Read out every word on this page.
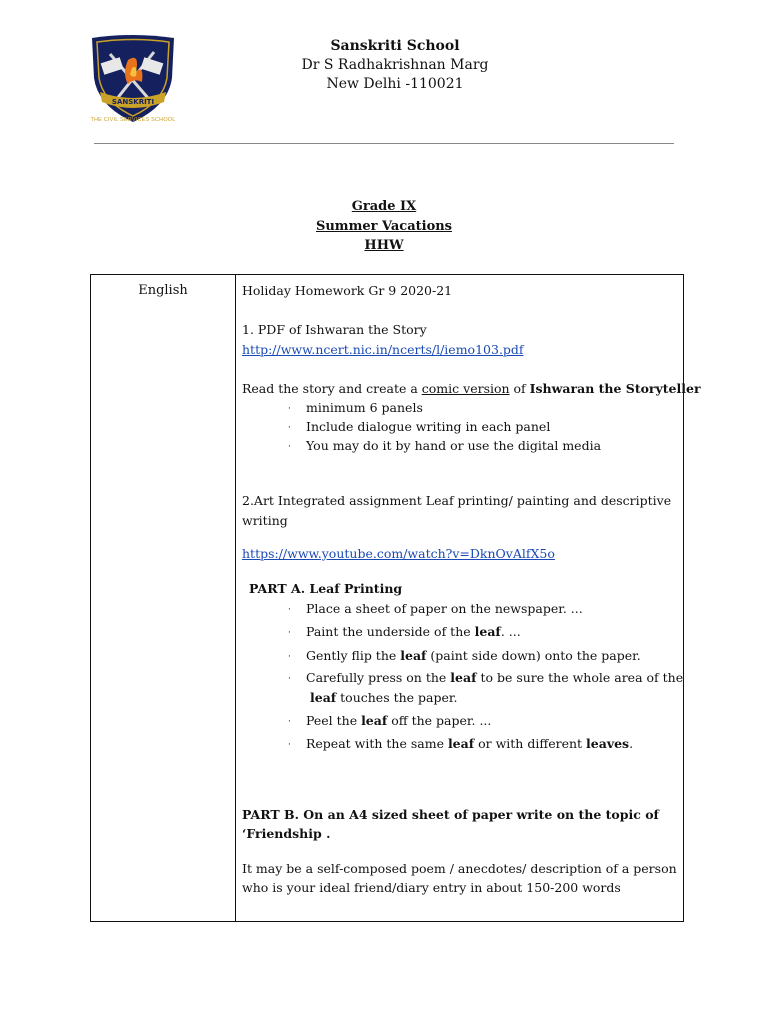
SANSKRITI
THE CIVIL SERVICES SCHOOL
Sanskriti School
Dr S Radhakrishnan Marg
New Delhi -110021
Grade IX
Summer Vacations
HHW
English	Holiday Homework Gr 9 2020-21
1. PDF of Ishwaran the Story
http://www.ncert.nic.in/ncerts/l/iemo103.pdf
Read the story and create a comic version of Ishwaran the Storyteller
· minimum 6 panels
· Include dialogue writing in each panel
· You may do it by hand or use the digital media
2.Art Integrated assignment Leaf printing/ painting and descriptive
writing
https://www.youtube.com/watch?v=DknOvAlfX5o
PART A. Leaf Printing
· Place a sheet of paper on the newspaper. ...
· Paint the underside of the leaf. ...
· Gently flip the leaf (paint side down) onto the paper.
· Carefully press on the leaf to be sure the whole area of the
leaf touches the paper.
· Peel the leaf off the paper. ...
· Repeat with the same leaf or with different leaves.
PART B. On an A4 sized sheet of paper write on the topic of
‘Friendship .
It may be a self-composed poem / anecdotes/ description of a person
who is your ideal friend/diary entry in about 150-200 words
